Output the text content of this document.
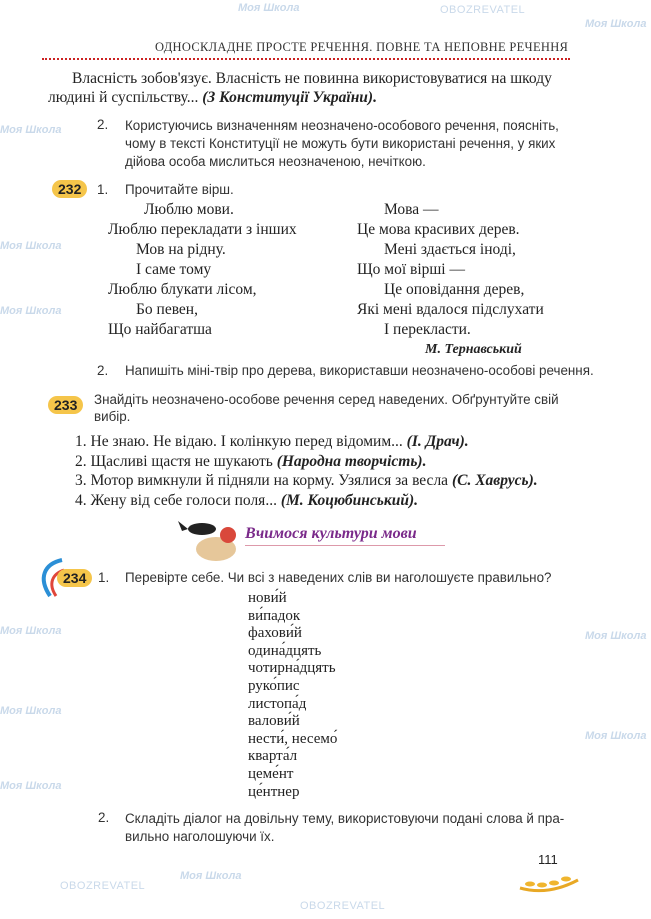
ОДНОСКЛАДНЕ ПРОСТЕ РЕЧЕННЯ. ПОВНЕ ТА НЕПОВНЕ РЕЧЕННЯ
Власність зобов'язує. Власність не повинна використовуватися на шкоду
людині й суспільству... (З Конституції України).
2. Користуючись визначенням неозначено-особового речення, поясніть,
чому в тексті Конституції не можуть бути використані речення, у яких
дійова особа мислиться неозначеною, нечіткою.
232	1. Прочитайте вірш.
Люблю мови.
Люблю перекладати з інших
Мов на рідну.
І саме тому
Люблю блукати лісом,
Бо певен,
Що найбагатша
Мова —
Це мова красивих дерев.
Мені здається іноді,
Що мої вірші —
Це оповідання дерев,
Які мені вдалося підслухати
І перекласти.
М. Тернавський
2. Напишіть міні-твір про дерева, використавши неозначено-особові речення.
233	Знайдіть неозначено-особове речення серед наведених. Обґрунтуйте свій
вибір.
1. Не знаю. Не відаю. І колінкую перед відомим... (І. Драч).
2. Щасливі щастя не шукають (Народна творчість).
3. Мотор вимкнули й підняли на корму. Узялися за весла (С. Хаврусь).
4. Жену від себе голоси поля... (М. Коцюбинський).
Вчимося культури мови
234 1. Перевірте себе. Чи всі з наведених слів ви наголошуєте правильно?
нови́й
ви́падок
фахови́й
одина́дцять
чотирна́дцять
руко́пис
листопа́д
валови́й
нести́, несемо́
кварта́л
цеме́нт
це́нтнер
2. Складіть діалог на довільну тему, використовуючи подані слова й пра-
вильно наголошуючи їх.
111
Моя Школа	OBOZREVATEL
Моя Школа
Моя Школа
Моя Школа
Моя Школа
Моя Школа
Моя Школа
Моя Школа
Моя Школа
Моя Школа
OBOZREVATEL
OBOZREVATEL
Моя Школа
